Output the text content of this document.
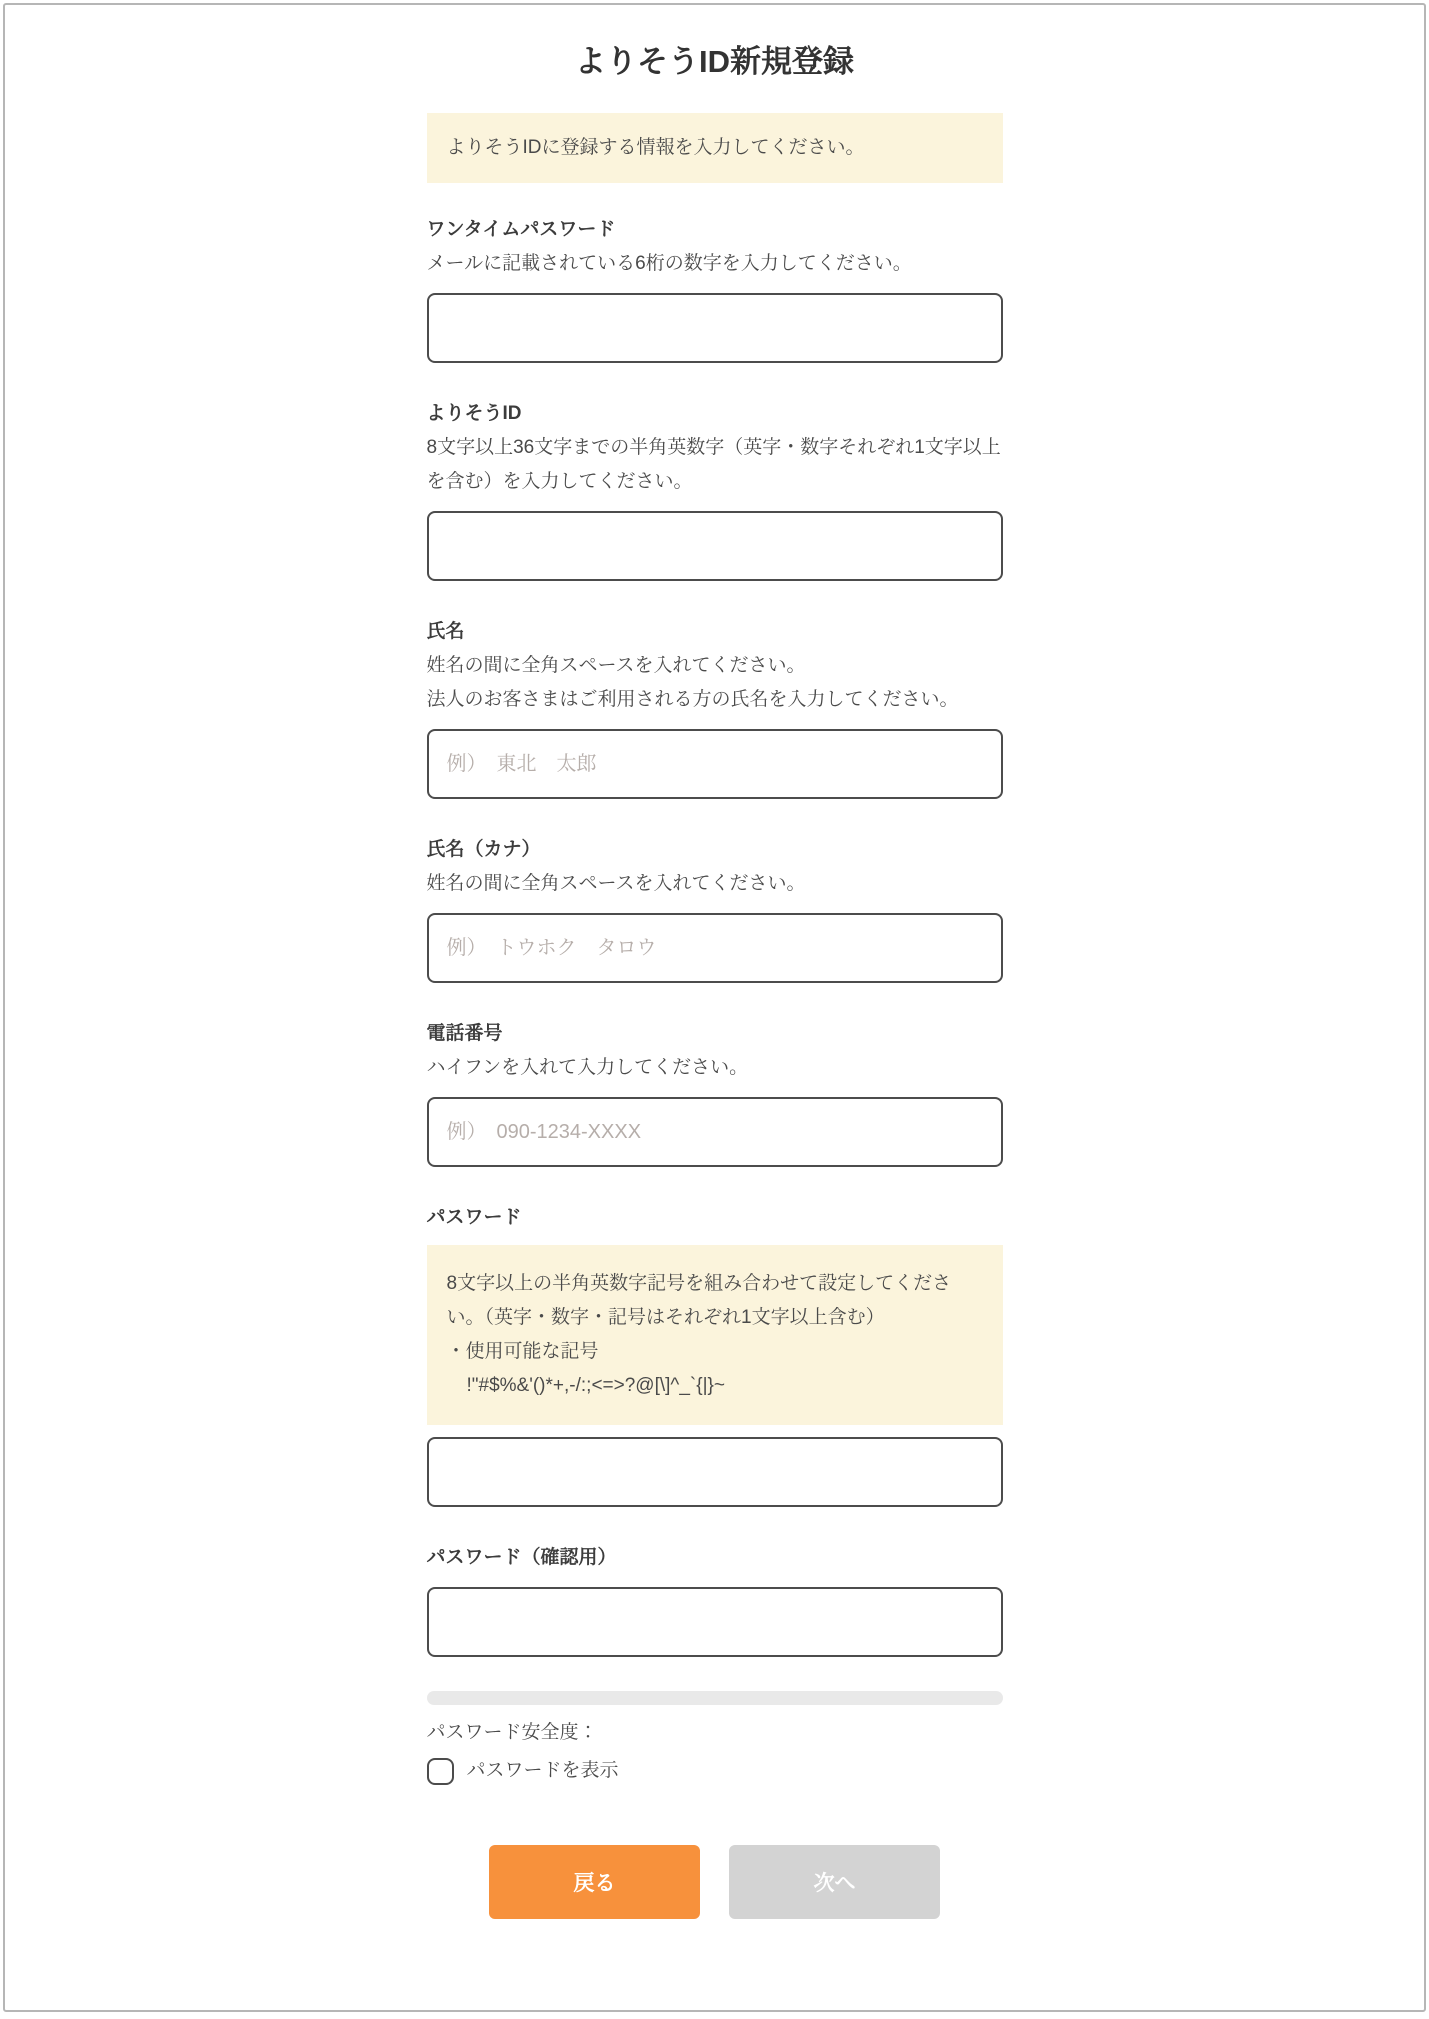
よりそうID新規登録
よりそうIDに登録する情報を入力してください。
ワンタイムパスワード
メールに記載されている6桁の数字を入力してください。
よりそうID
8文字以上36文字までの半角英数字（英字・数字それぞれ1文字以上を含む）を入力してください。
氏名
姓名の間に全角スペースを入れてください。
法人のお客さまはご利用される方の氏名を入力してください。
例）　東北　太郎
氏名（カナ）
姓名の間に全角スペースを入れてください。
例）　トウホク　タロウ
電話番号
ハイフンを入れて入力してください。
例）　090-1234-XXXX
パスワード
8文字以上の半角英数字記号を組み合わせて設定してください。（英字・数字・記号はそれぞれ1文字以上含む）
・使用可能な記号
!"#$%&'()*+,-/:;<=>?@[\]^_`{|}~
パスワード（確認用）
パスワード安全度：
パスワードを表示
戻る	次へ
